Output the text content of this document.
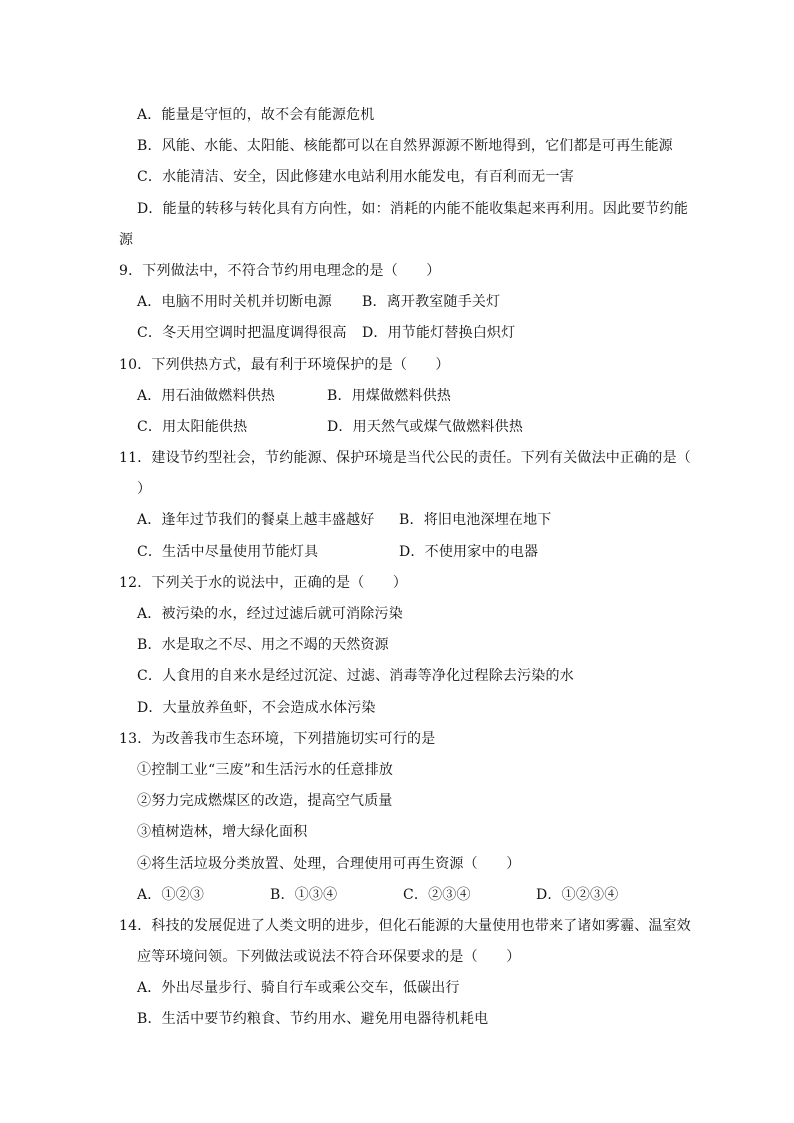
A．能量是守恒的，故不会有能源危机
B．风能、水能、太阳能、核能都可以在自然界源源不断地得到，它们都是可再生能源
C．水能清洁、安全，因此修建水电站利用水能发电，有百利而无一害
D．能量的转移与转化具有方向性，如：消耗的内能不能收集起来再利用。因此要节约能
源
9．下列做法中，不符合节约用电理念的是（　　）
A．电脑不用时关机并切断电源	B．离开教室随手关灯
C．冬天用空调时把温度调得很高	D．用节能灯替换白炽灯
10．下列供热方式，最有利于环境保护的是（　　）
A．用石油做燃料供热	B．用煤做燃料供热
C．用太阳能供热	D．用天然气或煤气做燃料供热
11．建设节约型社会，节约能源、保护环境是当代公民的责任。下列有关做法中正确的是（
）
A．逢年过节我们的餐桌上越丰盛越好	B．将旧电池深埋在地下
C．生活中尽量使用节能灯具	D．不使用家中的电器
12．下列关于水的说法中，正确的是（　　）
A．被污染的水，经过过滤后就可消除污染
B．水是取之不尽、用之不竭的天然资源
C．人食用的自来水是经过沉淀、过滤、消毒等净化过程除去污染的水
D．大量放养鱼虾，不会造成水体污染
13．为改善我市生态环境，下列措施切实可行的是
①控制工业“三废”和生活污水的任意排放
②努力完成燃煤区的改造，提高空气质量
③植树造林，增大绿化面积
④将生活垃圾分类放置、处理，合理使用可再生资源（　　）
A．①②③	B．①③④	C．②③④	D．①②③④
14．科技的发展促进了人类文明的进步，但化石能源的大量使用也带来了诸如雾霾、温室效
应等环境问领。下列做法或说法不符合环保要求的是（　　）
A．外出尽量步行、骑自行车或乘公交车，低碳出行
B．生活中要节约粮食、节约用水、避免用电器待机耗电
